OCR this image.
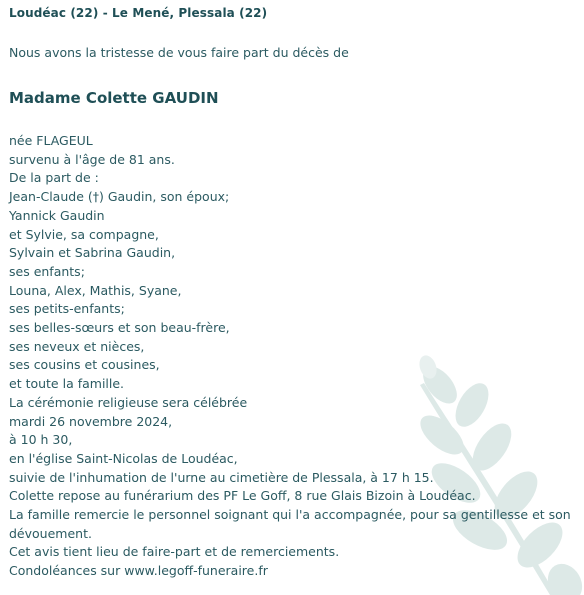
Loudéac (22) - Le Mené, Plessala (22)
Nous avons la tristesse de vous faire part du décès de
Madame Colette GAUDIN
née FLAGEUL
survenu à l'âge de 81 ans.
De la part de :
Jean-Claude (†) Gaudin, son époux;
Yannick Gaudin
et Sylvie, sa compagne,
Sylvain et Sabrina Gaudin,
ses enfants;
Louna, Alex, Mathis, Syane,
ses petits-enfants;
ses belles-sœurs et son beau-frère,
ses neveux et nièces,
ses cousins et cousines,
et toute la famille.
La cérémonie religieuse sera célébrée
mardi 26 novembre 2024,
à 10 h 30,
en l'église Saint-Nicolas de Loudéac,
suivie de l'inhumation de l'urne au cimetière de Plessala, à 17 h 15.
Colette repose au funérarium des PF Le Goff, 8 rue Glais Bizoin à Loudéac.
La famille remercie le personnel soignant qui l'a accompagnée, pour sa gentillesse et son
dévouement.
Cet avis tient lieu de faire-part et de remerciements.
Condoléances sur www.legoff-funeraire.fr
